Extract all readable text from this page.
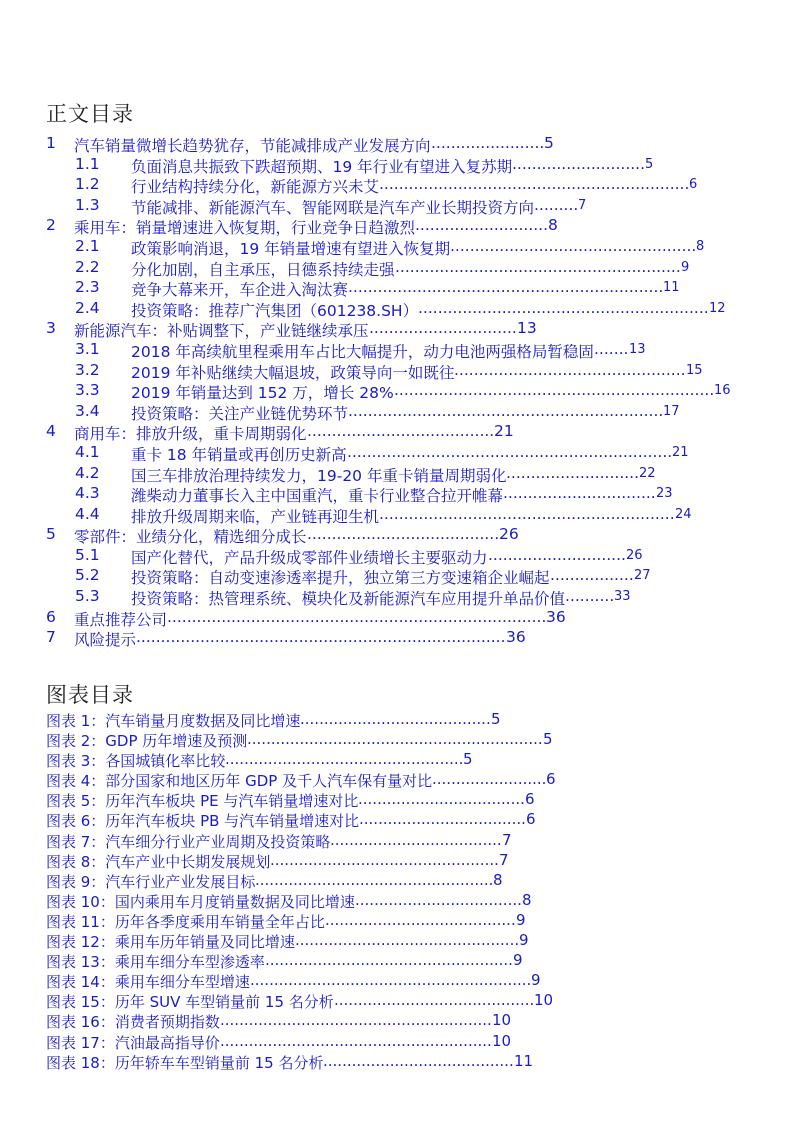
正文目录
1 汽车销量微增长趋势犹存，节能减排成产业发展方向 ....................... 5
1.1 负面消息共振致下跌超预期、19 年行业有望进入复苏期 ........................... 5
1.2 行业结构持续分化，新能源方兴未艾 ............................................................... 6
1.3 节能减排、新能源汽车、智能网联是汽车产业长期投资方向 ......... 7
2 乘用车：销量增速进入恢复期，行业竞争日趋激烈 ........................... 8
2.1 政策影响消退，19 年销量增速有望进入恢复期 .................................................. 8
2.2 分化加剧，自主承压，日德系持续走强 .......................................................... 9
2.3 竞争大幕来开，车企进入淘汰赛 ................................................................ 11
2.4 投资策略：推荐广汽集团（601238.SH） ........................................................... 12
3 新能源汽车：补贴调整下，产业链继续承压 .............................. 13
3.1 2018 年高续航里程乘用车占比大幅提升，动力电池两强格局暂稳固 ....... 13
3.2 2019 年补贴继续大幅退坡，政策导向一如既往 ............................................... 15
3.3 2019 年销量达到 152 万，增长 28% ................................................................. 16
3.4 投资策略：关注产业链优势环节 ................................................................ 17
4 商用车：排放升级，重卡周期弱化 ...................................... 21
4.1 重卡 18 年销量或再创历史新高 .................................................................. 21
4.2 国三车排放治理持续发力，19-20 年重卡销量周期弱化 ........................... 22
4.3 潍柴动力董事长入主中国重汽，重卡行业整合拉开帷幕 ............................... 23
4.4 排放升级周期来临，产业链再迎生机 ............................................................ 24
5 零部件：业绩分化，精选细分成长 ....................................... 26
5.1 国产化替代，产品升级成零部件业绩增长主要驱动力 ............................ 26
5.2 投资策略：自动变速渗透率提升，独立第三方变速箱企业崛起 ................. 27
5.3 投资策略：热管理系统、模块化及新能源汽车应用提升单品价值 .......... 33
6 重点推荐公司 ............................................................................. 36
7 风险提示 ........................................................................... 36
图表目录
图表 1：汽车销量月度数据及同比增速 ........................................ 5
图表 2：GDP 历年增速及预测 .............................................................. 5
图表 3：各国城镇化率比较 .................................................. 5
图表 4：部分国家和地区历年 GDP 及千人汽车保有量对比 ........................ 6
图表 5：历年汽车板块 PE 与汽车销量增速对比 ................................... 6
图表 6：历年汽车板块 PB 与汽车销量增速对比 ................................... 6
图表 7：汽车细分行业产业周期及投资策略 .................................... 7
图表 8：汽车产业中长期发展规划 ................................................ 7
图表 9：汽车行业产业发展目标 .................................................. 8
图表 10：国内乘用车月度销量数据及同比增速 ................................... 8
图表 11：历年各季度乘用车销量全年占比 ........................................ 9
图表 12：乘用车历年销量及同比增速 ............................................... 9
图表 13：乘用车细分车型渗透率 .................................................... 9
图表 14：乘用车细分车型增速 ........................................................... 9
图表 15：历年 SUV 车型销量前 15 名分析 .......................................... 10
图表 16：消费者预期指数 ......................................................... 10
图表 17：汽油最高指导价 ......................................................... 10
图表 18：历年轿车车型销量前 15 名分析 ........................................ 11
